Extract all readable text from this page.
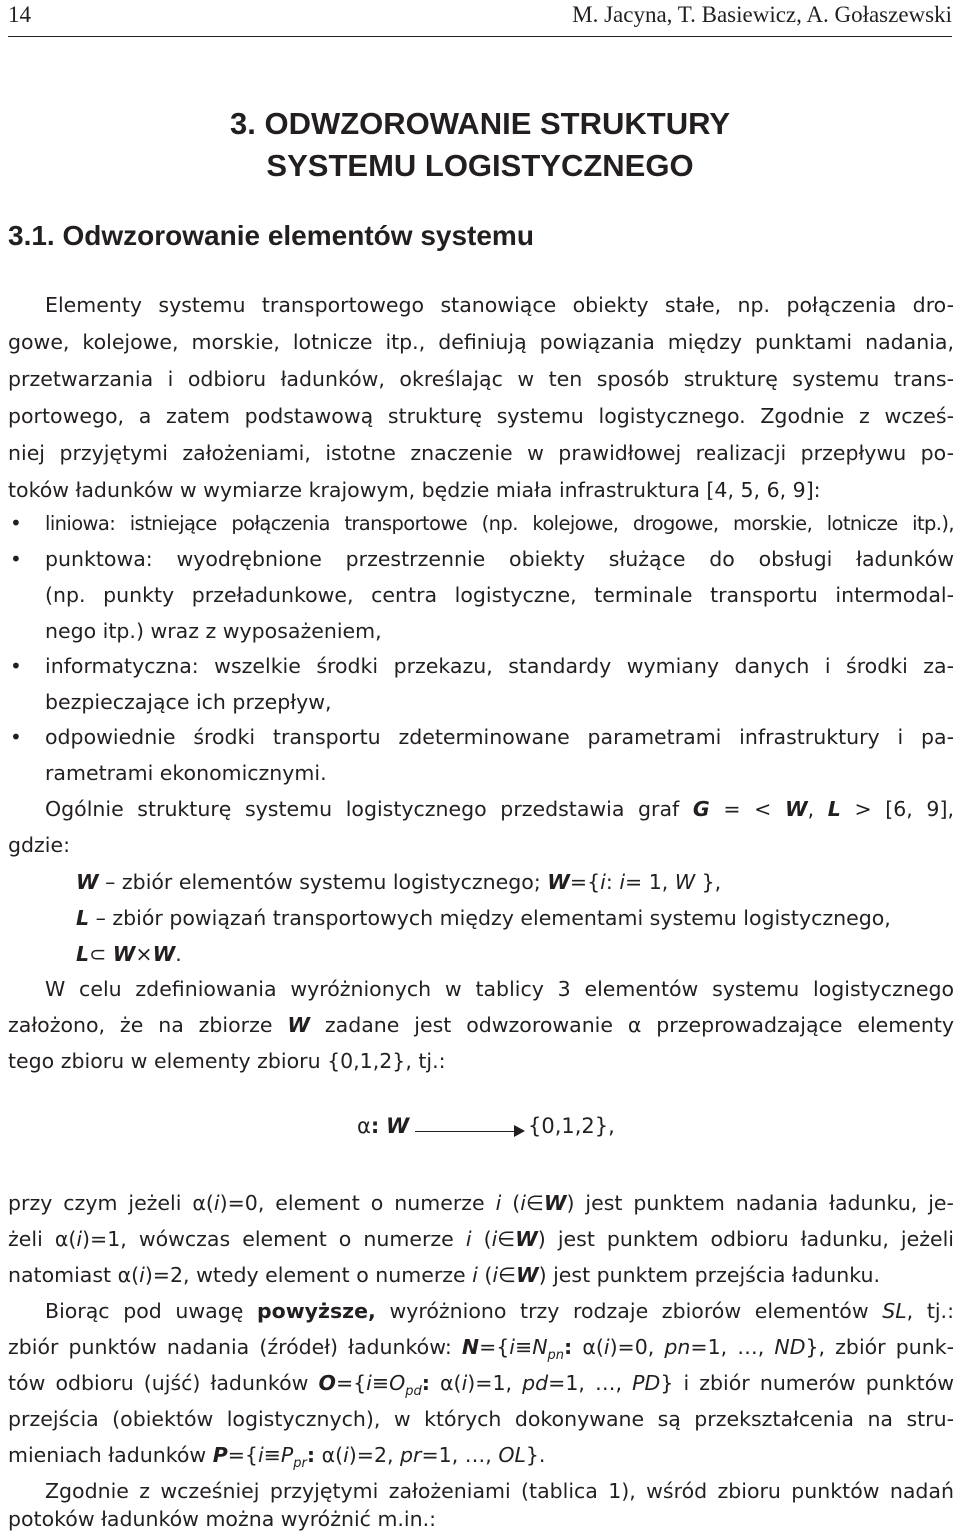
14	M. Jacyna, T. Basiewicz, A. Gołaszewski
3. ODWZOROWANIE STRUKTURY
SYSTEMU LOGISTYCZNEGO
3.1. Odwzorowanie elementów systemu
Elementy systemu transportowego stanowiące obiekty stałe, np. połączenia dro-
gowe, kolejowe, morskie, lotnicze itp., definiują powiązania między punktami nadania,
przetwarzania i odbioru ładunków, określając w ten sposób strukturę systemu trans-
portowego, a zatem podstawową strukturę systemu logistycznego. Zgodnie z wcześ-
niej przyjętymi założeniami, istotne znaczenie w prawidłowej realizacji przepływu po-
toków ładunków w wymiarze krajowym, będzie miała infrastruktura [4, 5, 6, 9]:
• liniowa: istniejące połączenia transportowe (np. kolejowe, drogowe, morskie, lotnicze itp.),
• punktowa: wyodrębnione przestrzennie obiekty służące do obsługi ładunków
(np. punkty przeładunkowe, centra logistyczne, terminale transportu intermodal-
nego itp.) wraz z wyposażeniem,
• informatyczna: wszelkie środki przekazu, standardy wymiany danych i środki za-
bezpieczające ich przepływ,
• odpowiednie środki transportu zdeterminowane parametrami infrastruktury i pa-
rametrami ekonomicznymi.
Ogólnie strukturę systemu logistycznego przedstawia graf G = < W, L > [6, 9],
gdzie:
W – zbiór elementów systemu logistycznego; W={i: i= 1, W },
L – zbiór powiązań transportowych między elementami systemu logistycznego,
L⊂ W×W.
W celu zdefiniowania wyróżnionych w tablicy 3 elementów systemu logistycznego
założono, że na zbiorze W zadane jest odwzorowanie α przeprowadzające elementy
tego zbioru w elementy zbioru {0,1,2}, tj.:
α: W	{0,1,2},
przy czym jeżeli α(i)=0, element o numerze i (i∈W) jest punktem nadania ładunku, je-
żeli α(i)=1, wówczas element o numerze i (i∈W) jest punktem odbioru ładunku, jeżeli
natomiast α(i)=2, wtedy element o numerze i (i∈W) jest punktem przejścia ładunku.
Biorąc pod uwagę powyższe, wyróżniono trzy rodzaje zbiorów elementów SL, tj.:
zbiór punktów nadania (źródeł) ładunków: $N=\{i\equiv N_{pn}$: α(i)=0, pn=1, …, ND}, zbiór punk-
tów odbioru (ujść) ładunków $O=\{i\equiv O_{pd}$: α(i)=1, pd=1, …, PD} i zbiór numerów punktów
przejścia (obiektów logistycznych), w których dokonywane są przekształcenia na stru-
mieniach ładunków $P=\{i\equiv P_{pr}$: α(i)=2, pr=1, …, OL}.
Zgodnie z wcześniej przyjętymi założeniami (tablica 1), wśród zbioru punktów nadań
potoków ładunków można wyróżnić m.in.:
